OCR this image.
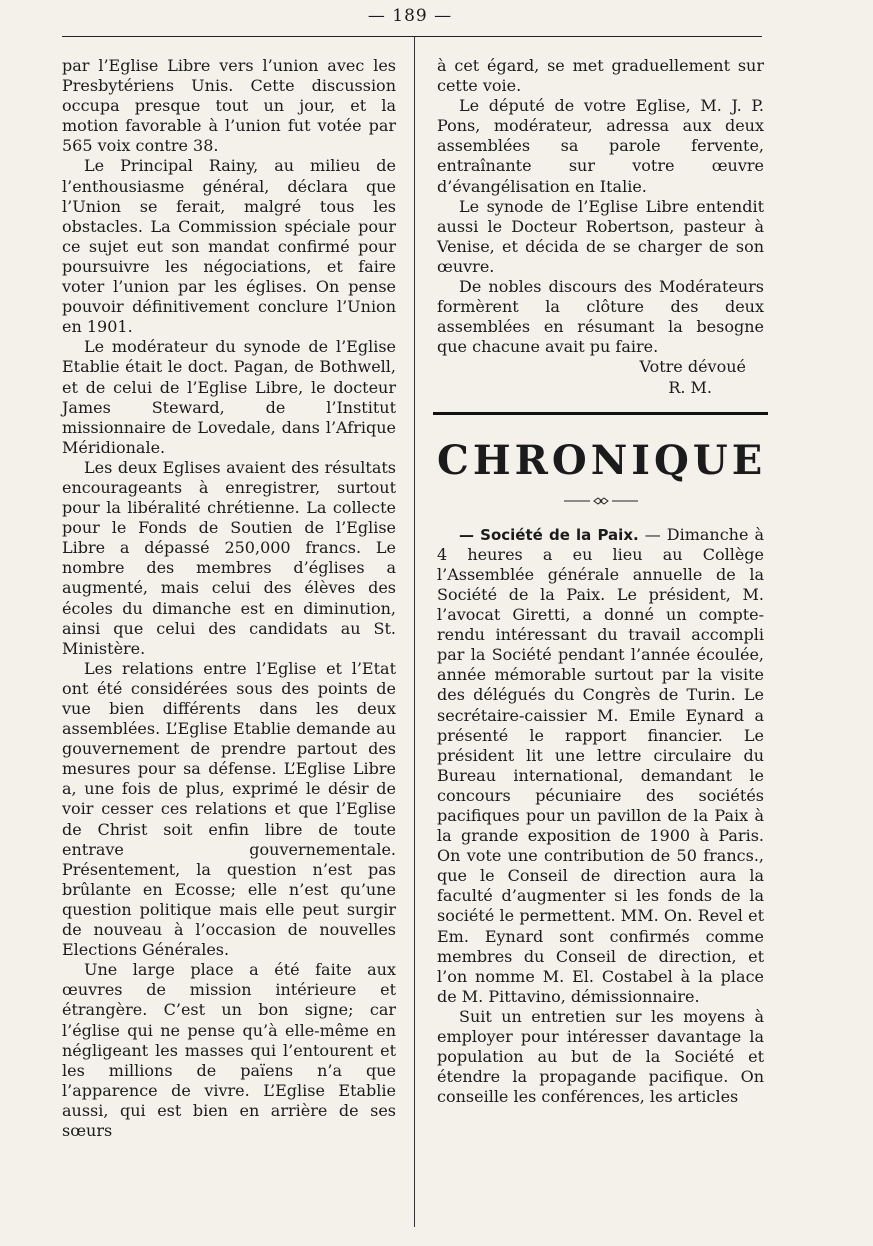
— 189 —

par l’Eglise Libre vers l’union avec les Presbytériens Unis. Cette discussion occupa presque tout un jour, et la motion favorable à l’union fut votée par 565 voix contre 38.

Le Principal Rainy, au milieu de l’enthousiasme général, déclara que l’Union se ferait, malgré tous les obstacles. La Commission spéciale pour ce sujet eut son mandat confirmé pour poursuivre les négociations, et faire voter l’union par les églises. On pense pouvoir définitivement conclure l’Union en 1901.

Le modérateur du synode de l’Eglise Etablie était le doct. Pagan, de Bothwell, et de celui de l’Eglise Libre, le docteur James Steward, de l’Institut missionnaire de Lovedale, dans l’Afrique Méridionale.

Les deux Eglises avaient des résultats encourageants à enregistrer, surtout pour la libéralité chrétienne. La collecte pour le Fonds de Soutien de l’Eglise Libre a dépassé 250,000 francs. Le nombre des membres d’églises a augmenté, mais celui des élèves des écoles du dimanche est en diminution, ainsi que celui des candidats au St. Ministère.

Les relations entre l’Eglise et l’Etat ont été considérées sous des points de vue bien différents dans les deux assemblées. L’Eglise Etablie demande au gouvernement de prendre partout des mesures pour sa défense. L’Eglise Libre a, une fois de plus, exprimé le désir de voir cesser ces relations et que l’Eglise de Christ soit enfin libre de toute entrave gouvernementale. Présentement, la question n’est pas brûlante en Ecosse; elle n’est qu’une question politique mais elle peut surgir de nouveau à l’occasion de nouvelles Elections Générales.

Une large place a été faite aux œuvres de mission intérieure et étrangère. C’est un bon signe; car l’église qui ne pense qu’à elle-même en négligeant les masses qui l’entourent et les millions de païens n’a que l’apparence de vivre. L’Eglise Etablie aussi, qui est bien en arrière de ses sœurs

à cet égard, se met graduellement sur cette voie.

Le député de votre Eglise, M. J. P. Pons, modérateur, adressa aux deux assemblées sa parole fervente, entraînante sur votre œuvre d’évangélisation en Italie.

Le synode de l’Eglise Libre entendit aussi le Docteur Robertson, pasteur à Venise, et décida de se charger de son œuvre.

De nobles discours des Modérateurs formèrent la clôture des deux assemblées en résumant la besogne que chacune avait pu faire.

Votre dévoué

R. M.

CHRONIQUE

— Société de la Paix. — Dimanche à 4 heures a eu lieu au Collège l’Assemblée générale annuelle de la Société de la Paix. Le président, M. l’avocat Giretti, a donné un compte-rendu intéressant du travail accompli par la Société pendant l’année écoulée, année mémorable surtout par la visite des délégués du Congrès de Turin. Le secrétaire-caissier M. Emile Eynard a présenté le rapport financier. Le président lit une lettre circulaire du Bureau international, demandant le concours pécuniaire des sociétés pacifiques pour un pavillon de la Paix à la grande exposition de 1900 à Paris. On vote une contribution de 50 francs., que le Conseil de direction aura la faculté d’augmenter si les fonds de la société le permettent. MM. On. Revel et Em. Eynard sont confirmés comme membres du Conseil de direction, et l’on nomme M. El. Costabel à la place de M. Pittavino, démissionnaire.

Suit un entretien sur les moyens à employer pour intéresser davantage la population au but de la Société et étendre la propagande pacifique. On conseille les conférences, les articles
